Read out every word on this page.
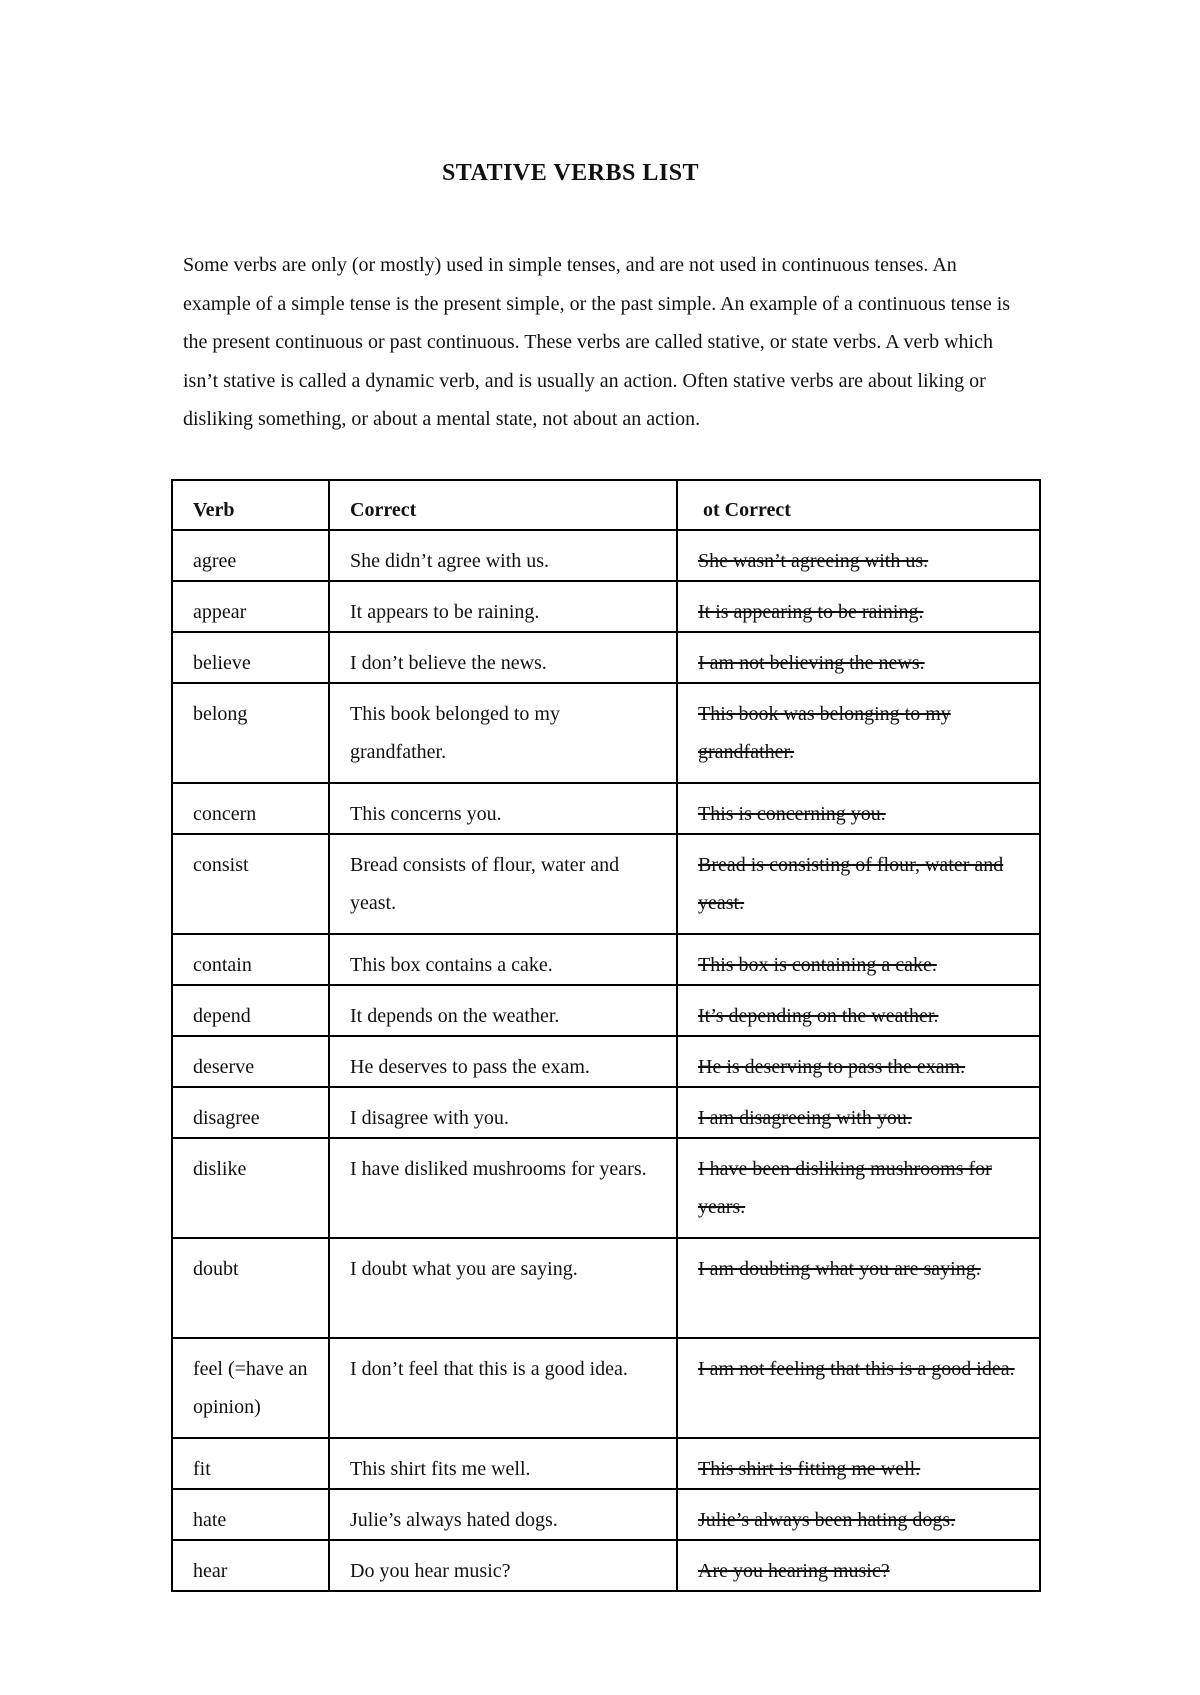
STATIVE VERBS LIST

Some verbs are only (or mostly) used in simple tenses, and are not used in continuous tenses. An example of a simple tense is the present simple, or the past simple. An example of a continuous tense is the present continuous or past continuous. These verbs are called stative, or state verbs. A verb which isn’t stative is called a dynamic verb, and is usually an action. Often stative verbs are about liking or disliking something, or about a mental state, not about an action.

Verb	Correct	ot Correct
agree	She didn’t agree with us.	She wasn’t agreeing with us.
appear	It appears to be raining.	It is appearing to be raining.
believe	I don’t believe the news.	I am not believing the news.
belong	This book belonged to my grandfather.	This book was belonging to my grandfather.
concern	This concerns you.	This is concerning you.
consist	Bread consists of flour, water and yeast.	Bread is consisting of flour, water and yeast.
contain	This box contains a cake.	This box is containing a cake.
depend	It depends on the weather.	It’s depending on the weather.
deserve	He deserves to pass the exam.	He is deserving to pass the exam.
disagree	I disagree with you.	I am disagreeing with you.
dislike	I have disliked mushrooms for years.	I have been disliking mushrooms for years.
doubt	I doubt what you are saying.	I am doubting what you are saying.
feel (=have an opinion)	I don’t feel that this is a good idea.	I am not feeling that this is a good idea.
fit	This shirt fits me well.	This shirt is fitting me well.
hate	Julie’s always hated dogs.	Julie’s always been hating dogs.
hear	Do you hear music?	Are you hearing music?
